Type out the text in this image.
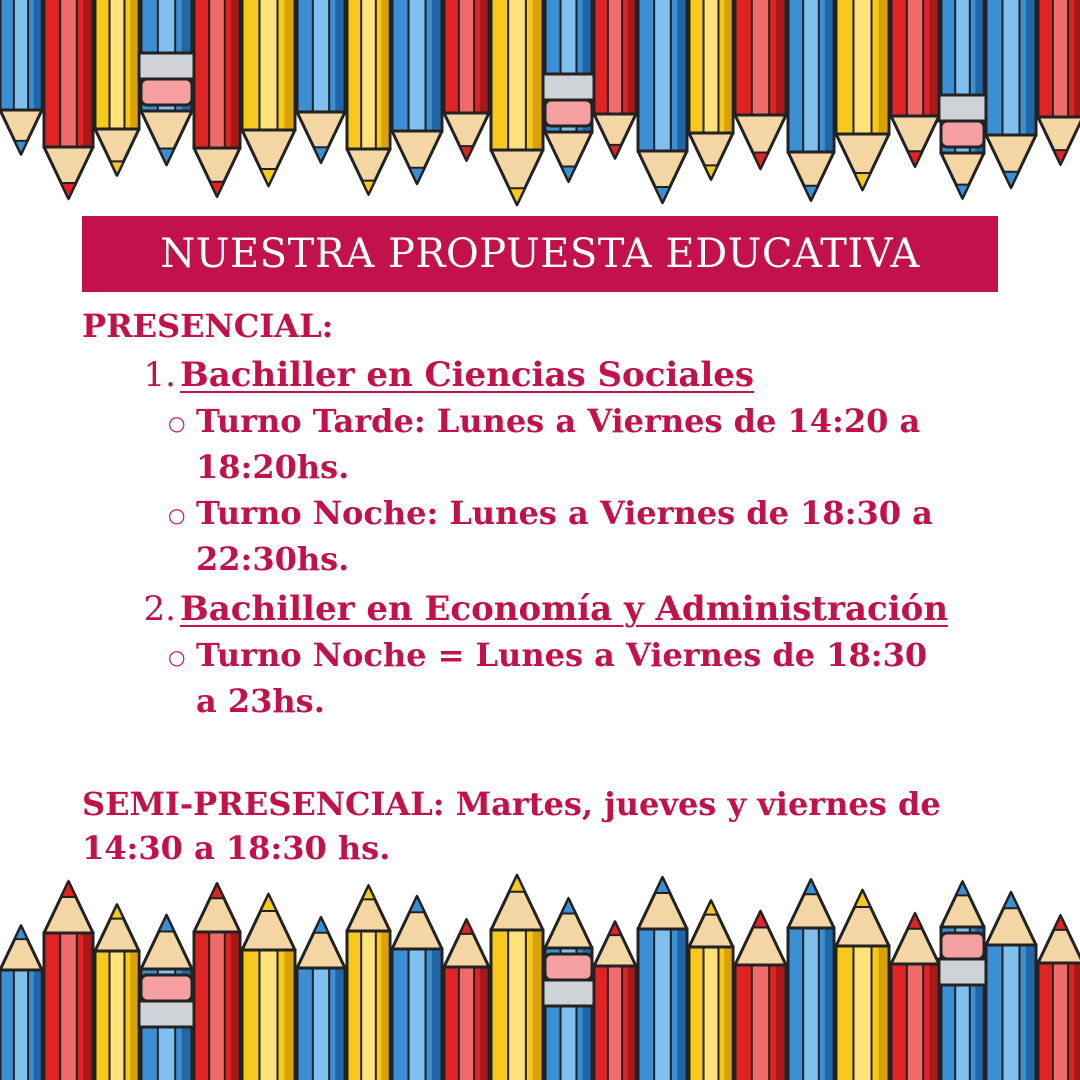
NUESTRA PROPUESTA EDUCATIVA
PRESENCIAL:
1. Bachiller en Ciencias Sociales
○ Turno Tarde: Lunes a Viernes de 14:20 a 18:20hs.
○ Turno Noche: Lunes a Viernes de 18:30 a 22:30hs.
2. Bachiller en Economía y Administración
○ Turno Noche = Lunes a Viernes de 18:30 a 23hs.
SEMI-PRESENCIAL: Martes, jueves y viernes de 14:30 a 18:30 hs.
